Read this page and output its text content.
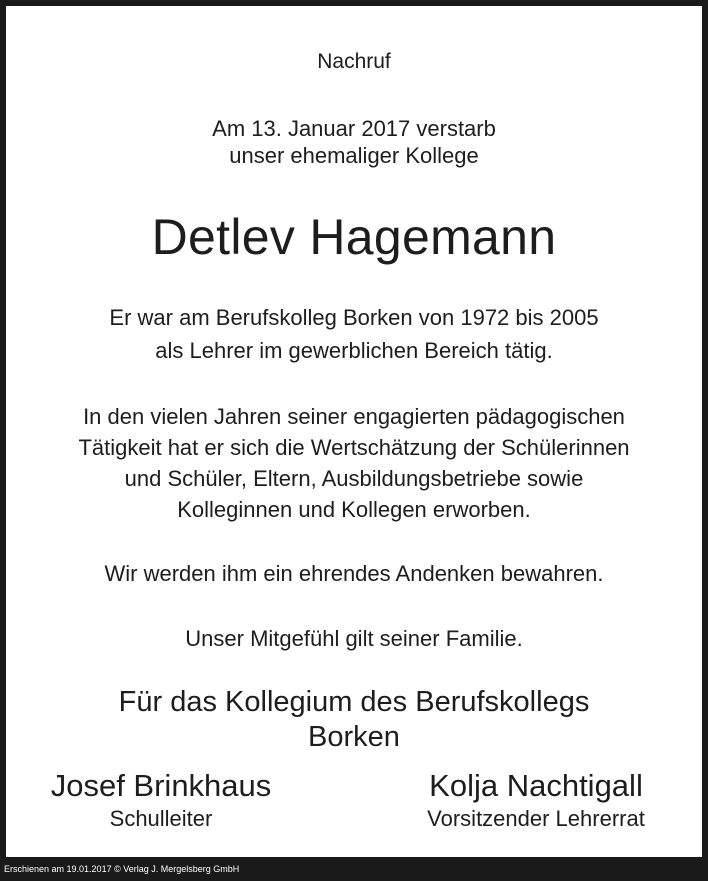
Nachruf
Am 13. Januar 2017 verstarb
unser ehemaliger Kollege
Detlev Hagemann
Er war am Berufskolleg Borken von 1972 bis 2005
als Lehrer im gewerblichen Bereich tätig.
In den vielen Jahren seiner engagierten pädagogischen
Tätigkeit hat er sich die Wertschätzung der Schülerinnen
und Schüler, Eltern, Ausbildungsbetriebe sowie
Kolleginnen und Kollegen erworben.
Wir werden ihm ein ehrendes Andenken bewahren.
Unser Mitgefühl gilt seiner Familie.
Für das Kollegium des Berufskollegs
Borken
Josef Brinkhaus
Schulleiter
Kolja Nachtigall
Vorsitzender Lehrerrat
Erschienen am 19.01.2017 © Verlag J. Mergelsberg GmbH
